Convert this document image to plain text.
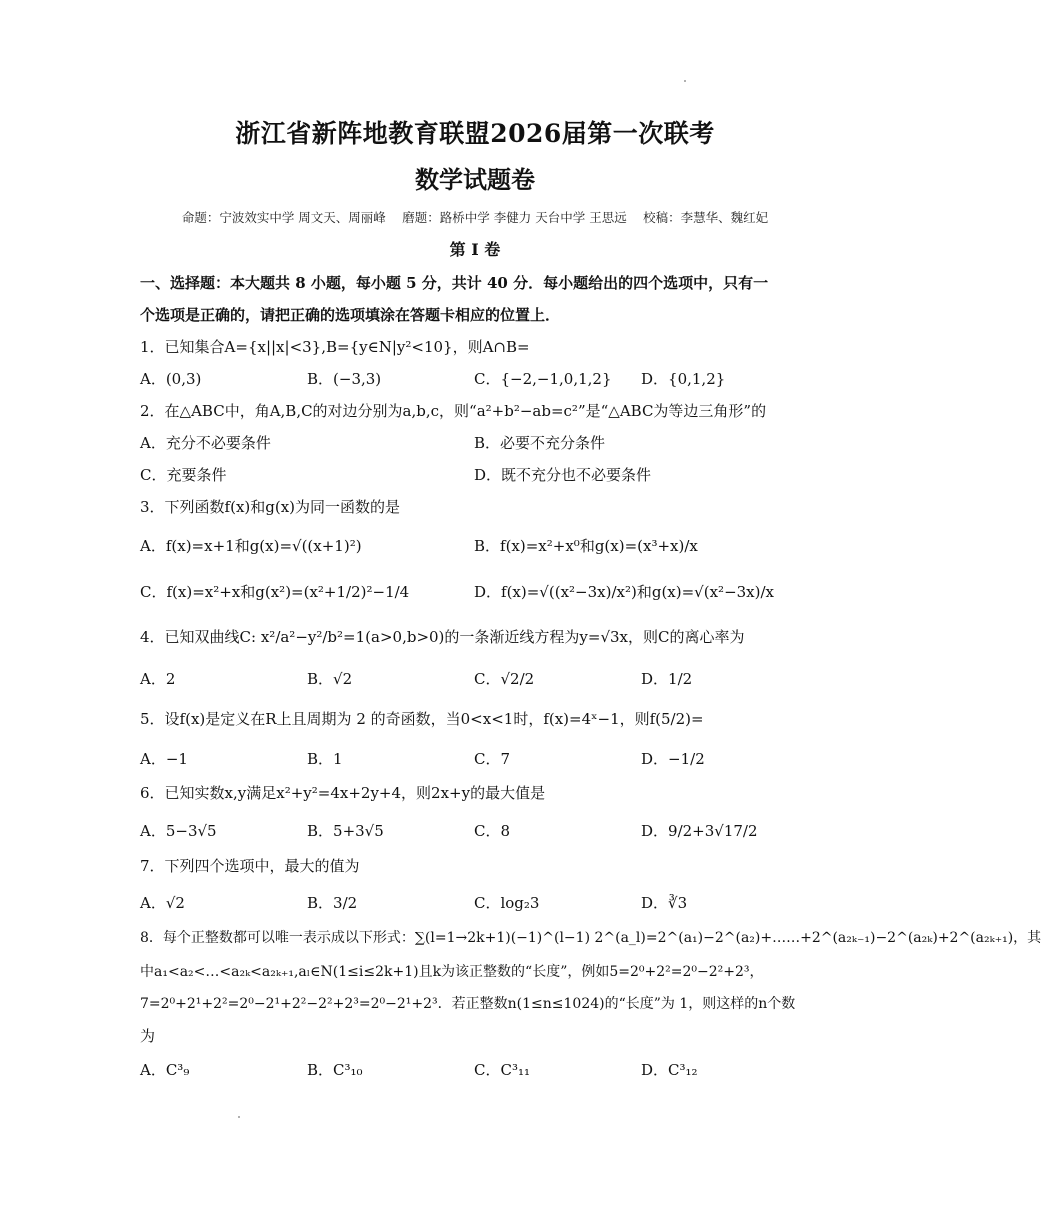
浙江省新阵地教育联盟2026届第一次联考
数学试题卷
命题：宁波效实中学 周文天、周丽峰　 磨题：路桥中学 李健力 天台中学 王思远　 校稿：李慧华、魏红妃
第 I 卷
一、选择题：本大题共 8 小题，每小题 5 分，共计 40 分．每小题给出的四个选项中，只有一
个选项是正确的，请把正确的选项填涂在答题卡相应的位置上．
1．已知集合A={x||x|<3},B={y∈N|y²<10}，则A∩B=
A．(0,3)	B．(−3,3)	C．{−2,−1,0,1,2} D．{0,1,2}
2．在△ABC中，角A,B,C的对边分别为a,b,c，则“a²+b²−ab=c²”是“△ABC为等边三角形”的
A．充分不必要条件	B．必要不充分条件
C．充要条件	D．既不充分也不必要条件
3．下列函数f(x)和g(x)为同一函数的是
A．f(x)=x+1和g(x)=√((x+1)²)	B．f(x)=x²+x⁰和g(x)=(x³+x)/x
C．f(x)=x²+x和g(x²)=(x²+1/2)²−1/4	D．f(x)=√((x²−3x)/x²)和g(x)=√(x²−3x)/x
4．已知双曲线C: x²/a²−y²/b²=1(a>0,b>0)的一条渐近线方程为y=√3x，则C的离心率为
A．2	B．√2	C．√2/2	D．1/2
5．设f(x)是定义在R上且周期为 2 的奇函数，当0<x<1时，f(x)=4ˣ−1，则f(5/2)=
A．−1	B．1	C．7	D．−1/2
6．已知实数x,y满足x²+y²=4x+2y+4，则2x+y的最大值是
A．5−3√5	B．5+3√5	C．8	D．9/2+3√17/2
7．下列四个选项中，最大的值为
A．√2	B．3/2	C．log₂3	D．∛3
8．每个正整数都可以唯一表示成以下形式：∑(l=1→2k+1)(−1)^(l−1) 2^(a_l)=2^(a₁)−2^(a₂)+……+2^(a₂ₖ₋₁)−2^(a₂ₖ)+2^(a₂ₖ₊₁)，其
中a₁<a₂<…<a₂ₖ<a₂ₖ₊₁,aₗ∈N(1≤i≤2k+1)且k为该正整数的“长度”，例如5=2⁰+2²=2⁰−2²+2³，
7=2⁰+2¹+2²=2⁰−2¹+2²−2²+2³=2⁰−2¹+2³．若正整数n(1≤n≤1024)的“长度”为 1，则这样的n个数
为
A．C³₉	B．C³₁₀	C．C³₁₁	D．C³₁₂
